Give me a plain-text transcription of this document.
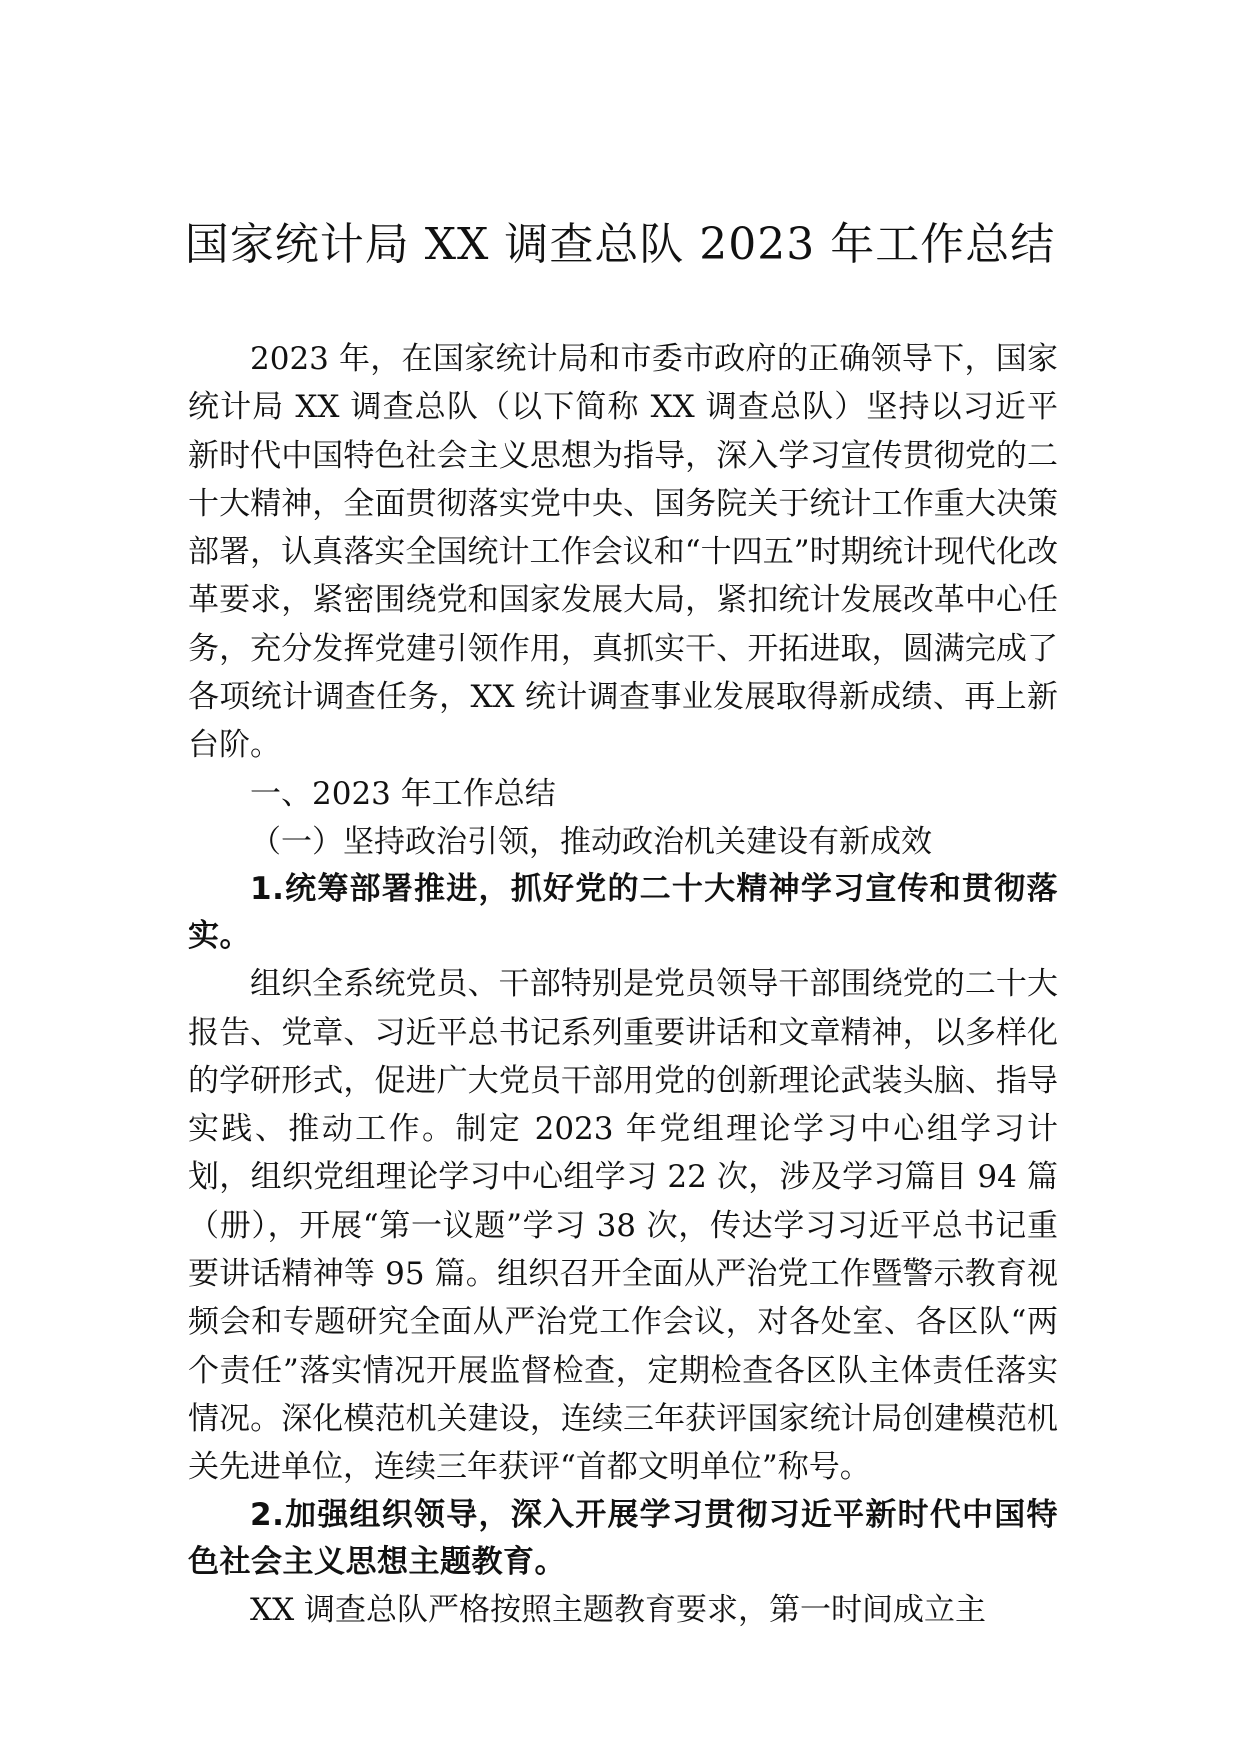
国家统计局 XX 调查总队 2023 年工作总结

2023 年，在国家统计局和市委市政府的正确领导下，国家统计局 XX 调查总队（以下简称 XX 调查总队）坚持以习近平新时代中国特色社会主义思想为指导，深入学习宣传贯彻党的二十大精神，全面贯彻落实党中央、国务院关于统计工作重大决策部署，认真落实全国统计工作会议和“十四五”时期统计现代化改革要求，紧密围绕党和国家发展大局，紧扣统计发展改革中心任务，充分发挥党建引领作用，真抓实干、开拓进取，圆满完成了各项统计调查任务，XX 统计调查事业发展取得新成绩、再上新台阶。

一、2023 年工作总结

（一）坚持政治引领，推动政治机关建设有新成效

1.统筹部署推进，抓好党的二十大精神学习宣传和贯彻落实。

组织全系统党员、干部特别是党员领导干部围绕党的二十大报告、党章、习近平总书记系列重要讲话和文章精神，以多样化的学研形式，促进广大党员干部用党的创新理论武装头脑、指导实践、推动工作。制定 2023 年党组理论学习中心组学习计划，组织党组理论学习中心组学习 22 次，涉及学习篇目 94 篇（册），开展“第一议题”学习 38 次，传达学习习近平总书记重要讲话精神等 95 篇。组织召开全面从严治党工作暨警示教育视频会和专题研究全面从严治党工作会议，对各处室、各区队“两个责任”落实情况开展监督检查，定期检查各区队主体责任落实情况。深化模范机关建设，连续三年获评国家统计局创建模范机关先进单位，连续三年获评“首都文明单位”称号。

2.加强组织领导，深入开展学习贯彻习近平新时代中国特色社会主义思想主题教育。

XX 调查总队严格按照主题教育要求，第一时间成立主
